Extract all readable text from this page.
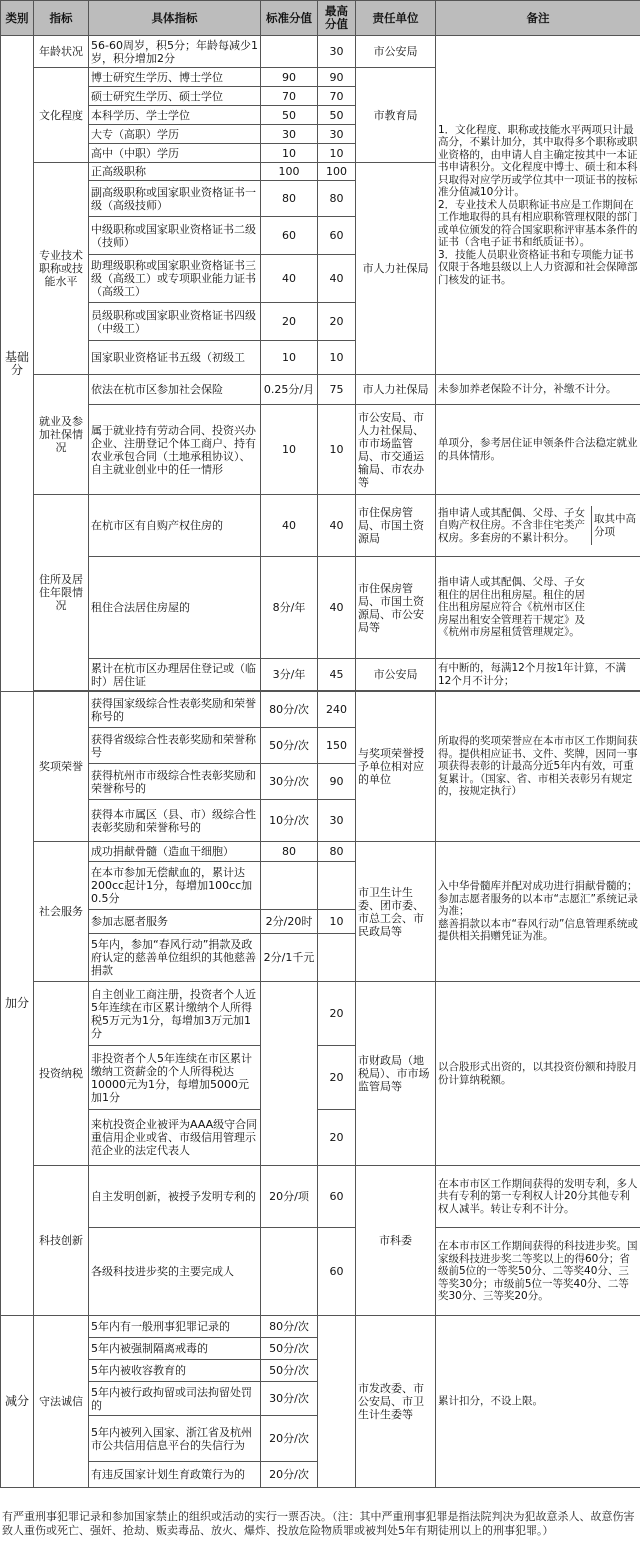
类别	指标	具体指标	标准分值	最高分值	责任单位	备注
基础分	年龄状况	56-60周岁，积5分；年龄每减少1岁，积分增加2分		30	市公安局	1．文化程度、职称或技能水平两项只计最高分，不累计加分，其中取得多个职称或职业资格的，由申请人自主确定按其中一本证书申请积分。文化程度中博士、硕士和本科只取得对应学历或学位其中一项证书的按标准分值减10分计。
2．专业技术人员职称证书应是工作期间在工作地取得的具有相应职称管理权限的部门或单位颁发的符合国家职称评审基本条件的证书（含电子证书和纸质证书）。
3．技能人员职业资格证书和专项能力证书仅限于各地县级以上人力资源和社会保障部门核发的证书。
	文化程度	博士研究生学历、博士学位	90	90	市教育局	
		硕士研究生学历、硕士学位	70	70		
		本科学历、学士学位	50	50		
		大专（高职）学历	30	30		
		高中（中职）学历	10	10		
	专业技术职称或技能水平	正高级职称	100	100	市人力社保局	
		副高级职称或国家职业资格证书一级（高级技师）	80	80		
		中级职称或国家职业资格证书二级（技师）	60	60		
		助理级职称或国家职业资格证书三级（高级工）或专项职业能力证书（高级工）	40	40		
		员级职称或国家职业资格证书四级（中级工）	20	20		
		国家职业资格证书五级（初级工	10	10		
	就业及参加社保情况	依法在杭市区参加社会保险	0.25分/月	75	市人力社保局	未参加养老保险不计分，补缴不计分。
		属于就业持有劳动合同、投资兴办企业、注册登记个体工商户、持有农业承包合同（土地承租协议）、自主就业创业中的任一情形	10	10	市公安局、市人力社保局、市市场监管局、市交通运输局、市农办等	单项分，参考居住证申领条件合法稳定就业的具体情形。
	住所及居住年限情况	在杭市区有自购产权住房的	40	40	市住保房管局、市国土资源局	指申请人或其配偶、父母、子女自购产权住房。不含非住宅类产权房。多套房的不累计积分。
取其中高分项

		租住合法居住房屋的	8分/年	40	市住保房管局、市国土资源局、市公安局等	指申请人或其配偶、父母、子女租住的居住出租房屋。租住的居住出租房屋应符合《杭州市区住房屋出租安全管理若干规定》及《杭州市房屋租赁管理规定》。
		累计在杭市区办理居住登记或（临时）居住证	3分/年	45	市公安局	有中断的，每满12个月按1年计算，不满12个月不计分；

加分	奖项荣誉	获得国家级综合性表彰奖励和荣誉称号的	80分/次	240	与奖项荣誉授予单位相对应的单位	所取得的奖项荣誉应在本市市区工作期间获得。提供相应证书、文件、奖牌，因同一事项获得表彰的计最高分近5年内有效，可重复累计。（国家、省、市相关表彰另有规定的，按规定执行）
		获得省级综合性表彰奖励和荣誉称号	50分/次	150		
		获得杭州市市级综合性表彰奖励和荣誉称号的	30分/次	90		
		获得本市属区（县、市）级综合性表彰奖励和荣誉称号的	10分/次	30		
	社会服务	成功捐献骨髓（造血干细胞）	80	80	市卫生计生委、团市委、市总工会、市民政局等	入中华骨髓库并配对成功进行捐献骨髓的；
参加志愿者服务的以本市“志愿汇”系统记录为准；
慈善捐款以本市“春风行动”信息管理系统或提供相关捐赠凭证为准。
		在本市参加无偿献血的，累计达200cc起计1分，每增加100cc加0.5分				
		参加志愿者服务	2分/20时	10		
		5年内，参加“春风行动”捐款及政府认定的慈善单位组织的其他慈善捐款	2分/1千元			
	投资纳税	自主创业工商注册，投资者个人近5年连续在市区累计缴纳个人所得税5万元为1分，每增加3万元加1分		20	市财政局（地税局）、市市场监管局等	以合股形式出资的，以其投资份额和持股月份计算纳税额。
		非投资者个人5年连续在市区累计缴纳工资薪金的个人所得税达10000元为1分，每增加5000元加1分		20		
		来杭投资企业被评为AAA级守合同重信用企业或省、市级信用管理示范企业的法定代表人		20		
	科技创新	自主发明创新，被授予发明专利的	20分/项	60	市科委	在本市市区工作期间获得的发明专利，多人共有专利的第一专利权人计20分其他专利权人减半。转让专利不计分。
		各级科技进步奖的主要完成人		60		在本市市区工作期间获得的科技进步奖。国家级科技进步奖二等奖以上的得60分；省级前5位的一等奖50分、二等奖40分、三等奖30分；市级前5位一等奖40分、二等奖30分、三等奖20分。
减分	守法诚信	5年内有一般刑事犯罪记录的	80分/次		市发改委、市公安局、市卫生计生委等	累计扣分，不设上限。
		5年内被强制隔离戒毒的	50分/次			
		5年内被收容教育的	50分/次			
		5年内被行政拘留或司法拘留处罚的	30分/次			
		5年内被列入国家、浙江省及杭州市公共信用信息平台的失信行为	20分/次			
		有违反国家计划生育政策行为的	20分/次			
有严重刑事犯罪记录和参加国家禁止的组织或活动的实行一票否决。（注：其中严重刑事犯罪是指法院判决为犯故意杀人、故意伤害致人重伤或死亡、强奸、抢劫、贩卖毒品、放火、爆炸、投放危险物质罪或被判处5年有期徒刑以上的刑事犯罪。）
